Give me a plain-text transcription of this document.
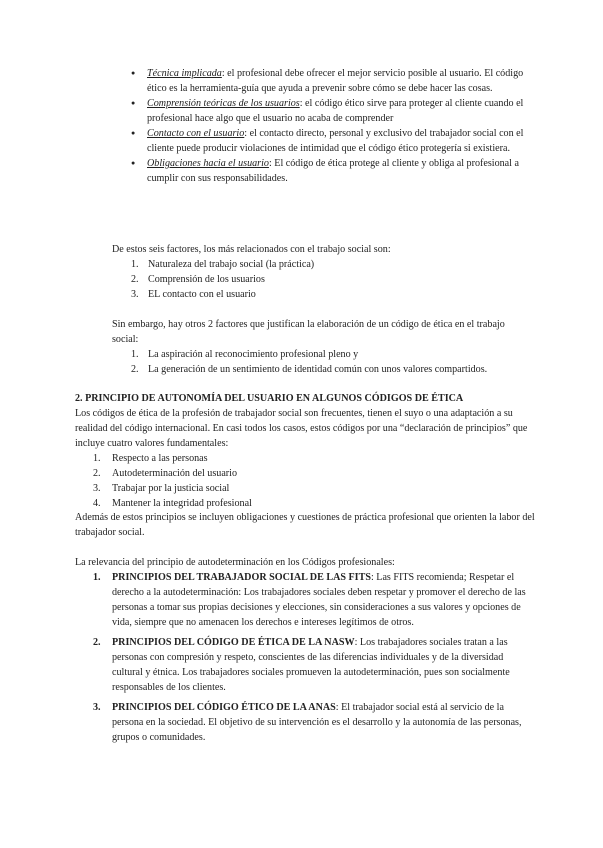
● Técnica implicada: el profesional debe ofrecer el mejor servicio posible al usuario. El código ético es la herramienta-guía que ayuda a prevenir sobre cómo se debe hacer las cosas.
● Comprensión teóricas de los usuarios: el código ético sirve para proteger al cliente cuando el profesional hace algo que el usuario no acaba de comprender
● Contacto con el usuario: el contacto directo, personal y exclusivo del trabajador social con el cliente puede producir violaciones de intimidad que el código ético protegería si existiera.
● Obligaciones hacia el usuario: El código de ética protege al cliente y obliga al profesional a cumplir con sus responsabilidades.

De estos seis factores, los más relacionados con el trabajo social son:

1. Naturaleza del trabajo social (la práctica)
2. Comprensión de los usuarios
3. EL contacto con el usuario

Sin embargo, hay otros 2 factores que justifican la elaboración de un código de ética en el trabajo social:

1. La aspiración al reconocimiento profesional pleno y
2. La generación de un sentimiento de identidad común con unos valores compartidos.

2. PRINCIPIO DE AUTONOMÍA DEL USUARIO EN ALGUNOS CÓDIGOS DE ÉTICA

Los códigos de ética de la profesión de trabajador social son frecuentes, tienen el suyo o una adaptación a su realidad del código internacional. En casi todos los casos, estos códigos por una “declaración de principios” que incluye cuatro valores fundamentales:

1. Respecto a las personas
2. Autodeterminación del usuario
3. Trabajar por la justicia social
4. Mantener la integridad profesional

Además de estos principios se incluyen obligaciones y cuestiones de práctica profesional que orienten la labor del trabajador social.

La relevancia del principio de autodeterminación en los Códigos profesionales:

1. PRINCIPIOS DEL TRABAJADOR SOCIAL DE LAS FITS: Las FITS recomienda; Respetar el derecho a la autodeterminación: Los trabajadores sociales deben respetar y promover el derecho de las personas a tomar sus propias decisiones y elecciones, sin consideraciones a sus valores y opciones de vida, siempre que no amenacen los derechos e intereses legítimos de otros.
2. PRINCIPIOS DEL CÓDIGO DE ÉTICA DE LA NASW: Los trabajadores sociales tratan a las personas con compresión y respeto, conscientes de las diferencias individuales y de la diversidad cultural y étnica. Los trabajadores sociales promueven la autodeterminación, pues son socialmente responsables de los clientes.
3. PRINCIPIOS DEL CÓDIGO ÉTICO DE LA ANAS: El trabajador social está al servicio de la persona en la sociedad. El objetivo de su intervención es el desarrollo y la autonomía de las personas, grupos o comunidades.
